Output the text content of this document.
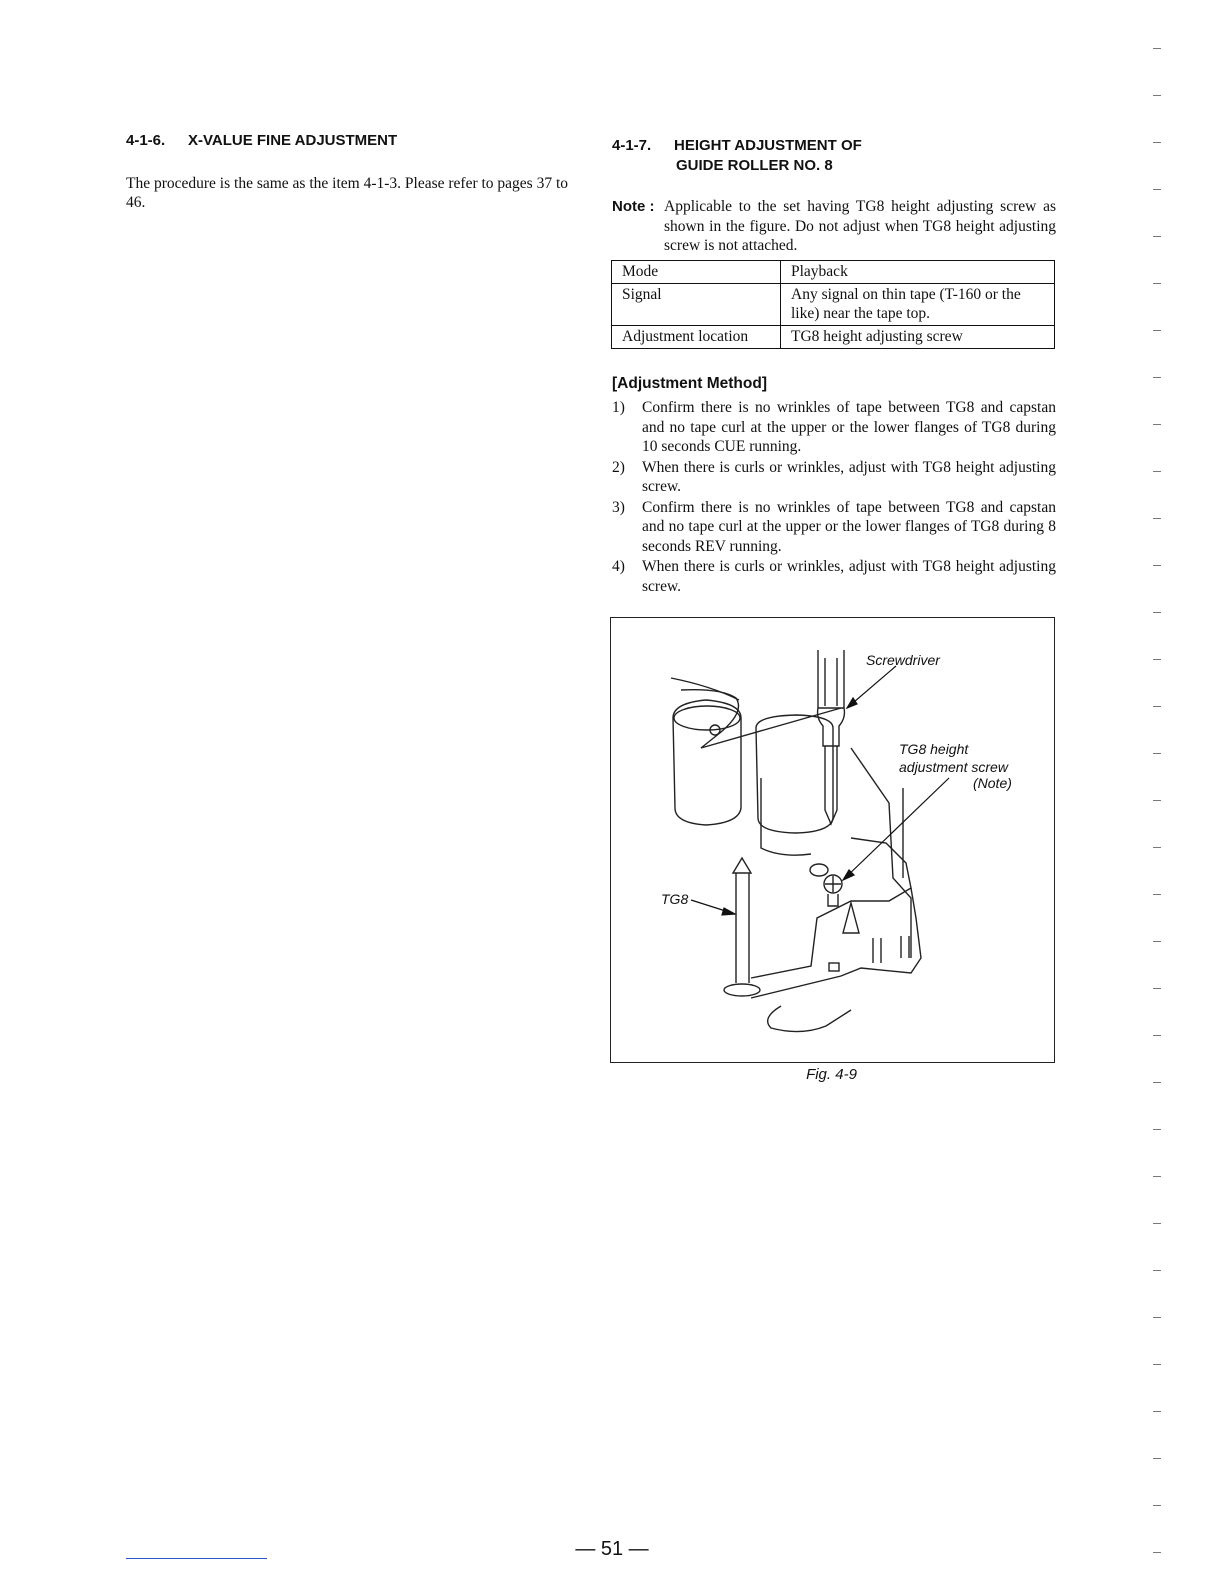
4-1-6. X-VALUE FINE ADJUSTMENT
The procedure is the same as the item 4-1-3. Please refer to pages 37 to 46.
4-1-7. HEIGHT ADJUSTMENT OF
GUIDE ROLLER NO. 8
Note : Applicable to the set having TG8 height adjusting screw as shown in the figure. Do not adjust when TG8 height adjusting screw is not attached.
Mode	Playback
Signal	Any signal on thin tape (T-160 or the like) near the tape top.
Adjustment location	TG8 height adjusting screw
[Adjustment Method]
1) Confirm there is no wrinkles of tape between TG8 and capstan and no tape curl at the upper or the lower flanges of TG8 during 10 seconds CUE running.
2) When there is curls or wrinkles, adjust with TG8 height adjusting screw.
3) Confirm there is no wrinkles of tape between TG8 and capstan and no tape curl at the upper or the lower flanges of TG8 during 8 seconds REV running.
4) When there is curls or wrinkles, adjust with TG8 height adjusting screw.
Screwdriver
TG8 height
adjustment screw
(Note)
TG8
Fig. 4-9
— 51 —
